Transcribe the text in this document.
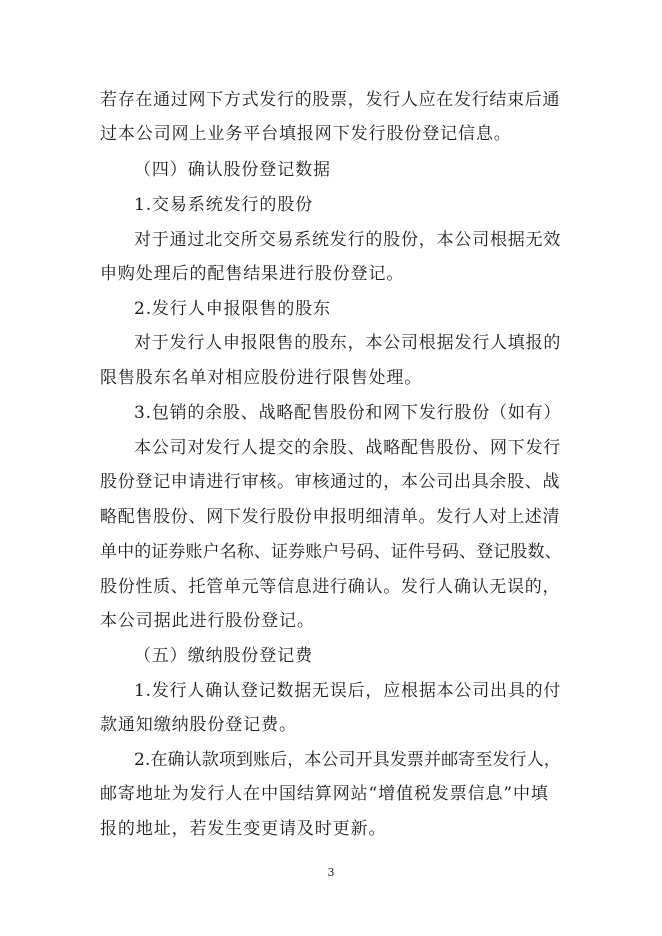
若存在通过网下方式发行的股票，发行人应在发行结束后通
过本公司网上业务平台填报网下发行股份登记信息。
（四）确认股份登记数据
1.交易系统发行的股份
对于通过北交所交易系统发行的股份，本公司根据无效
申购处理后的配售结果进行股份登记。
2.发行人申报限售的股东
对于发行人申报限售的股东，本公司根据发行人填报的
限售股东名单对相应股份进行限售处理。
3.包销的余股、战略配售股份和网下发行股份（如有）
本公司对发行人提交的余股、战略配售股份、网下发行
股份登记申请进行审核。审核通过的，本公司出具余股、战
略配售股份、网下发行股份申报明细清单。发行人对上述清
单中的证券账户名称、证券账户号码、证件号码、登记股数、
股份性质、托管单元等信息进行确认。发行人确认无误的，
本公司据此进行股份登记。
（五）缴纳股份登记费
1.发行人确认登记数据无误后，应根据本公司出具的付
款通知缴纳股份登记费。
2.在确认款项到账后，本公司开具发票并邮寄至发行人，
邮寄地址为发行人在中国结算网站“增值税发票信息”中填
报的地址，若发生变更请及时更新。
3
